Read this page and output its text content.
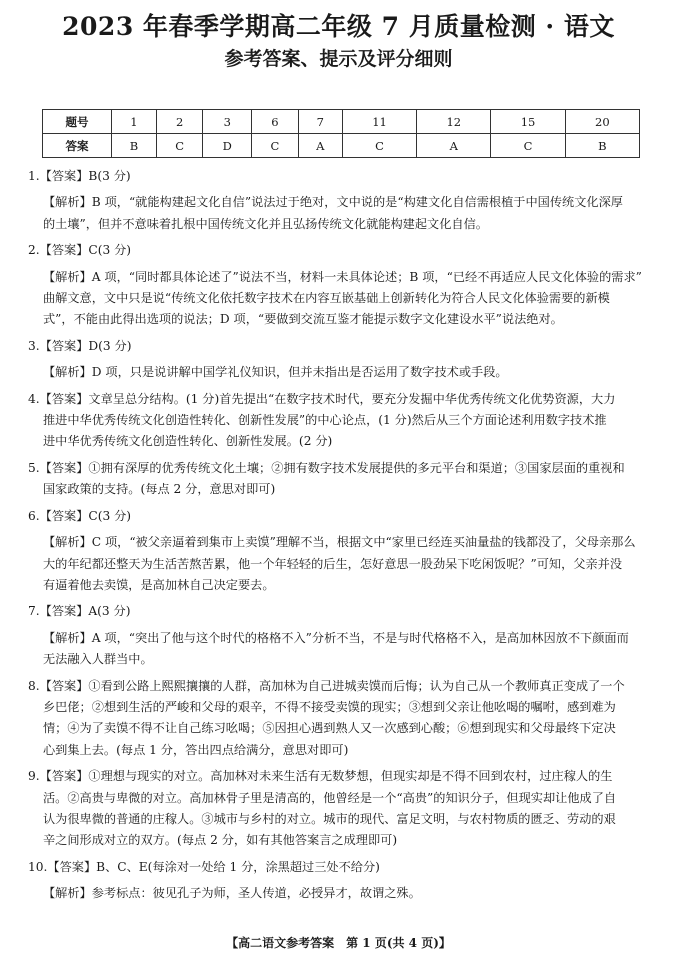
2023 年春季学期高二年级 7 月质量检测 · 语文
参考答案、提示及评分细则
题号	1	2	3	6	7	11	12	15	20
答案	B	C	D	C	A	C	A	C	B
1.【答案】B(3 分)
【解析】B 项，“就能构建起文化自信”说法过于绝对，文中说的是“构建文化自信需根植于中国传统文化深厚
的土壤”，但并不意味着扎根中国传统文化并且弘扬传统文化就能构建起文化自信。
2.【答案】C(3 分)
【解析】A 项，“同时都具体论述了”说法不当，材料一未具体论述；B 项，“已经不再适应人民文化体验的需求”
曲解文意，文中只是说“传统文化依托数字技术在内容互嵌基础上创新转化为符合人民文化体验需要的新模
式”，不能由此得出选项的说法；D 项，“要做到交流互鉴才能提示数字文化建设水平”说法绝对。
3.【答案】D(3 分)
【解析】D 项，只是说讲解中国学礼仪知识，但并未指出是否运用了数字技术或手段。
4.【答案】文章呈总分结构。(1 分)首先提出“在数字技术时代，要充分发掘中华优秀传统文化优势资源，大力
推进中华优秀传统文化创造性转化、创新性发展”的中心论点，(1 分)然后从三个方面论述利用数字技术推
进中华优秀传统文化创造性转化、创新性发展。(2 分)
5.【答案】①拥有深厚的优秀传统文化土壤；②拥有数字技术发展提供的多元平台和渠道；③国家层面的重视和
国家政策的支持。(每点 2 分，意思对即可)
6.【答案】C(3 分)
【解析】C 项，“被父亲逼着到集市上卖馍”理解不当，根据文中“家里已经连买油量盐的钱都没了，父母亲那么
大的年纪都还整天为生活苦熬苦累，他一个年轻轻的后生，怎好意思一股劲呆下吃闲饭呢？”可知，父亲并没
有逼着他去卖馍，是高加林自己决定要去。
7.【答案】A(3 分)
【解析】A 项，“突出了他与这个时代的格格不入”分析不当，不是与时代格格不入，是高加林因放不下颜面而
无法融入人群当中。
8.【答案】①看到公路上熙熙攘攘的人群，高加林为自己进城卖馍而后悔；认为自己从一个教师真正变成了一个
乡巴佬；②想到生活的严峻和父母的艰辛，不得不接受卖馍的现实；③想到父亲让他吆喝的嘱咐，感到难为
情；④为了卖馍不得不让自己练习吆喝；⑤因担心遇到熟人又一次感到心酸；⑥想到现实和父母最终下定决
心到集上去。(每点 1 分，答出四点给满分，意思对即可)
9.【答案】①理想与现实的对立。高加林对未来生活有无数梦想，但现实却是不得不回到农村，过庄稼人的生
活。②高贵与卑微的对立。高加林骨子里是清高的，他曾经是一个“高贵”的知识分子，但现实却让他成了自
认为很卑微的普通的庄稼人。③城市与乡村的对立。城市的现代、富足文明，与农村物质的匮乏、劳动的艰
辛之间形成对立的双方。(每点 2 分，如有其他答案言之成理即可)
10.【答案】B、C、E(每涂对一处给 1 分，涂黑超过三处不给分)
【解析】参考标点：彼见孔子为师，圣人传道，必授异才，故谓之殊。
【高二语文参考答案　第 1 页(共 4 页)】
